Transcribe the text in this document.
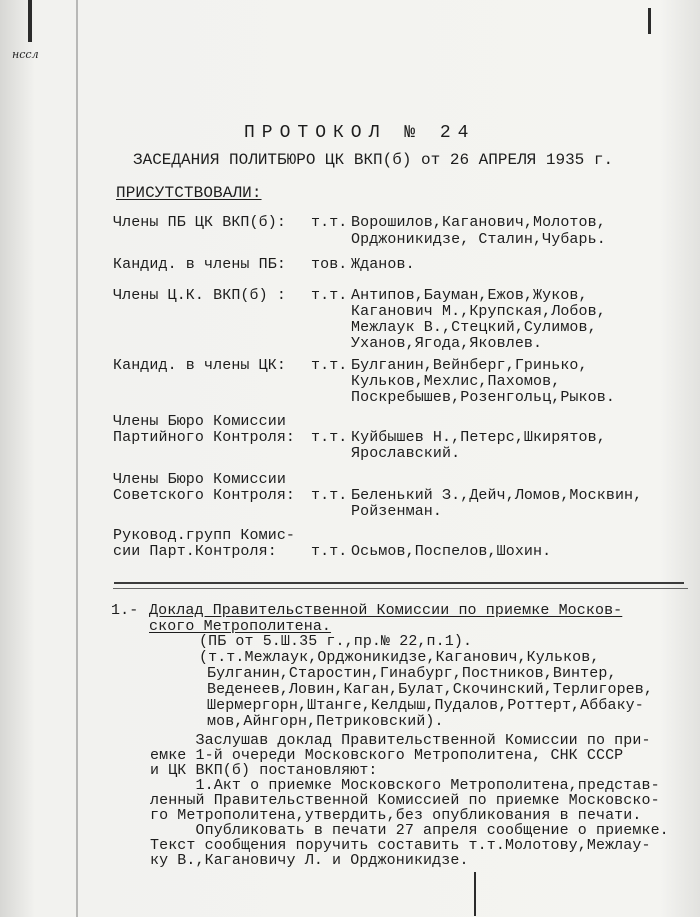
нссл
ПРОТОКОЛ № 24
ЗАСЕДАНИЯ ПОЛИТБЮРО ЦК ВКП(б) от 26 АПРЕЛЯ 1935 г.
ПРИСУТСТВОВАЛИ:
Члены ПБ ЦК ВКП(б): т.т. Ворошилов,Каганович,Молотов,
Орджоникидзе, Сталин,Чубарь.
Кандид. в члены ПБ: тов. Жданов.
Члены Ц.К. ВКП(б) : т.т. Антипов,Бауман,Ежов,Жуков,
Каганович М.,Крупская,Лобов,
Межлаук В.,Стецкий,Сулимов,
Уханов,Ягода,Яковлев.
Кандид. в члены ЦК: т.т. Булганин,Вейнберг,Гринько,
Кульков,Мехлис,Пахомов,
Поскребышев,Розенгольц,Рыков.
Члены Бюро Комиссии
Партийного Контроля: т.т. Куйбышев Н.,Петерс,Шкирятов,
Ярославский.
Члены Бюро Комиссии
Советского Контроля: т.т. Беленький З.,Дейч,Ломов,Москвин,
Ройзенман.
Руковод.групп Комис-
сии Парт.Контроля: т.т. Осьмов,Поспелов,Шохин.
1.- Доклад Правительственной Комиссии по приемке Москов-
ского Метрополитена.
(ПБ от 5.Ш.35 г.,пр.№ 22,п.1).
(т.т.Межлаук,Орджоникидзе,Каганович,Кульков,
Булганин,Старостин,Гинабург,Постников,Винтер,
Веденеев,Ловин,Каган,Булат,Скочинский,Терлигорев,
Шермергорн,Штанге,Келдыш,Пудалов,Роттерт,Аббаку-
мов,Айнгорн,Петриковский).
Заслушав доклад Правительственной Комиссии по при-
емке 1-й очереди Московского Метрополитена, СНК СССР
и ЦК ВКП(б) постановляют:
1.Акт о приемке Московского Метрополитена,представ-
ленный Правительственной Комиссией по приемке Московско-
го Метрополитена,утвердить,без опубликования в печати.
Опубликовать в печати 27 апреля сообщение о приемке.
Текст сообщения поручить составить т.т.Молотову,Межлау-
ку В.,Кагановичу Л. и Орджоникидзе.
